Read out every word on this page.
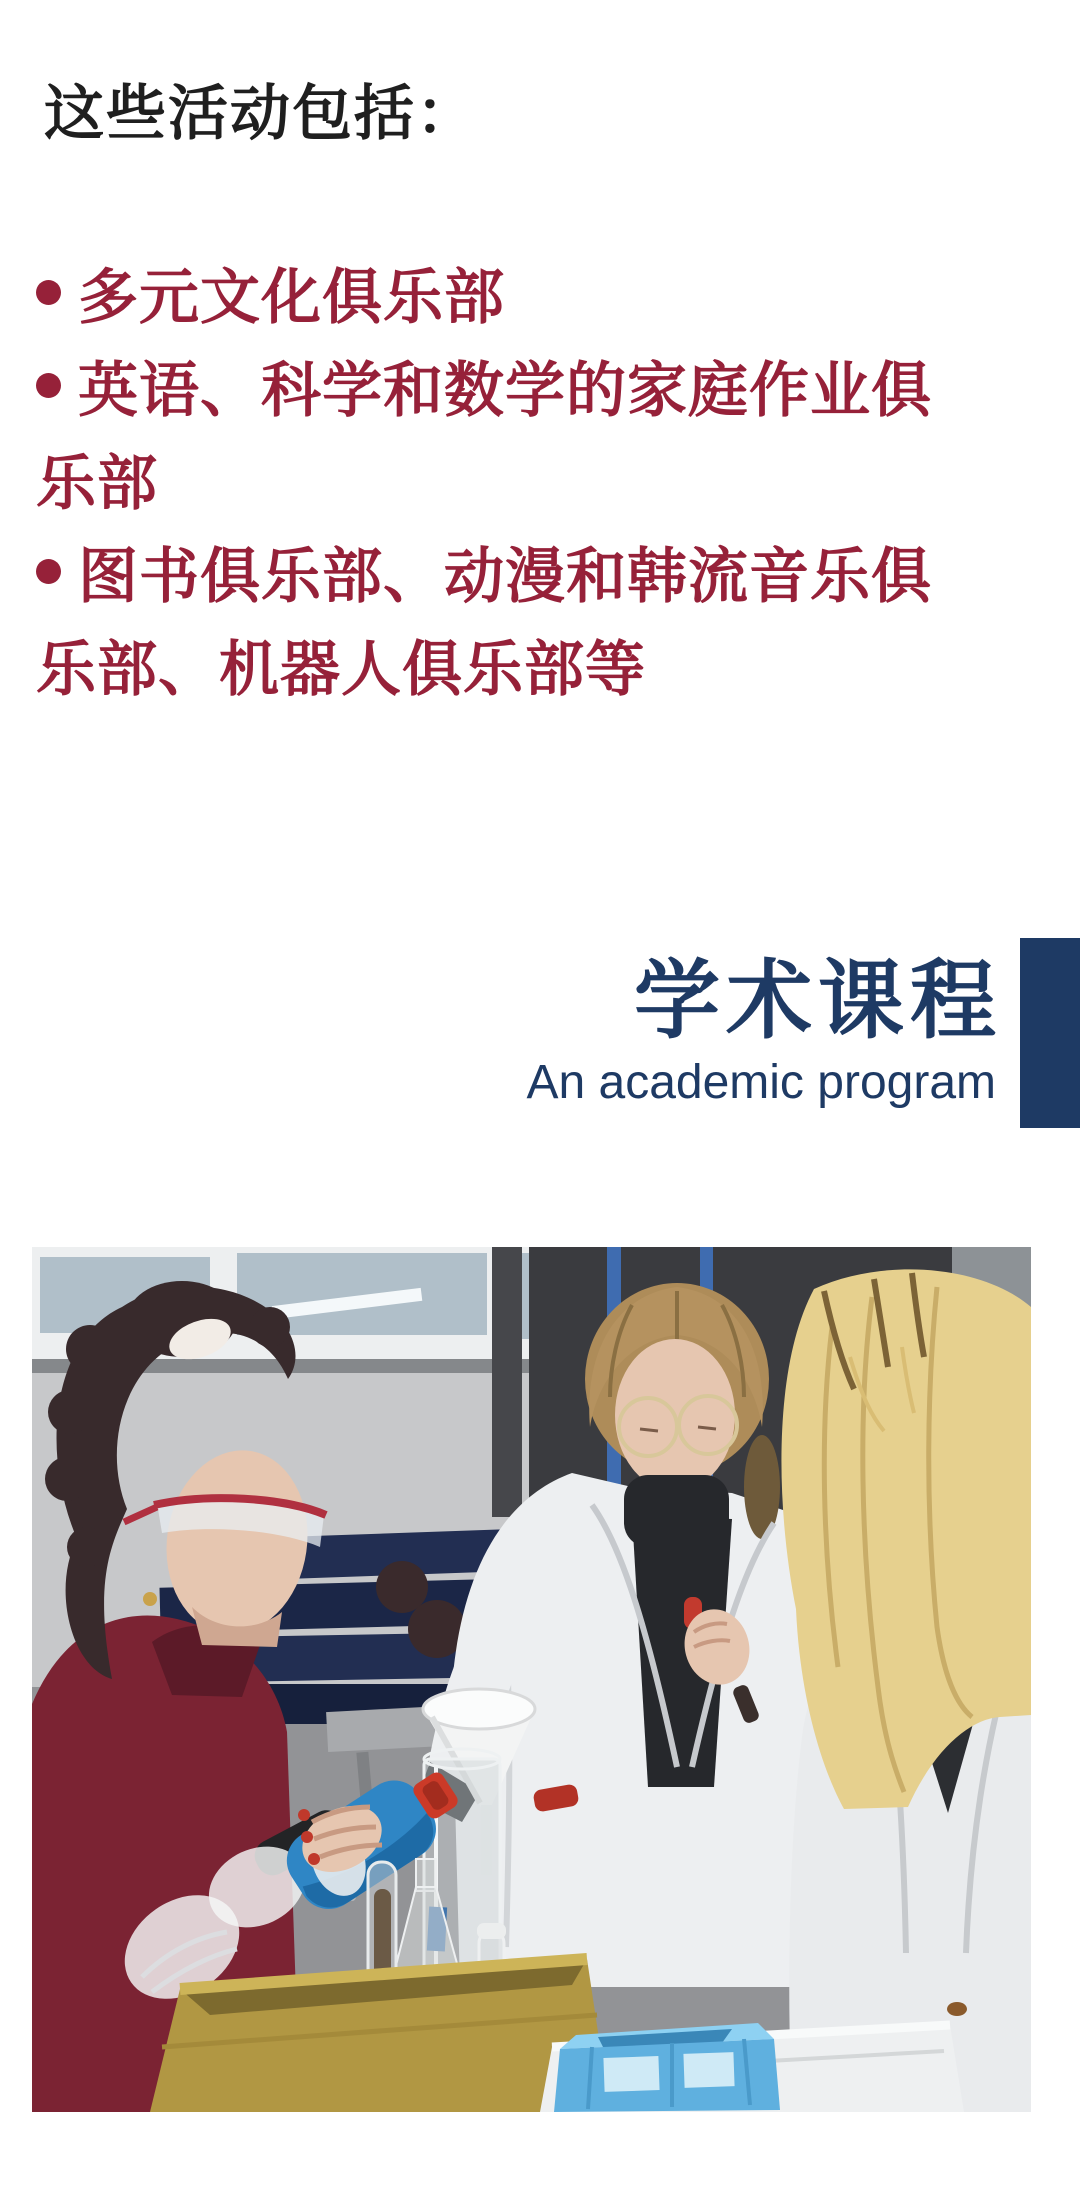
这些活动包括：
多元文化俱乐部
英语、科学和数学的家庭作业俱
乐部
图书俱乐部、动漫和韩流音乐俱
乐部、机器人俱乐部等
学术课程
An academic program
